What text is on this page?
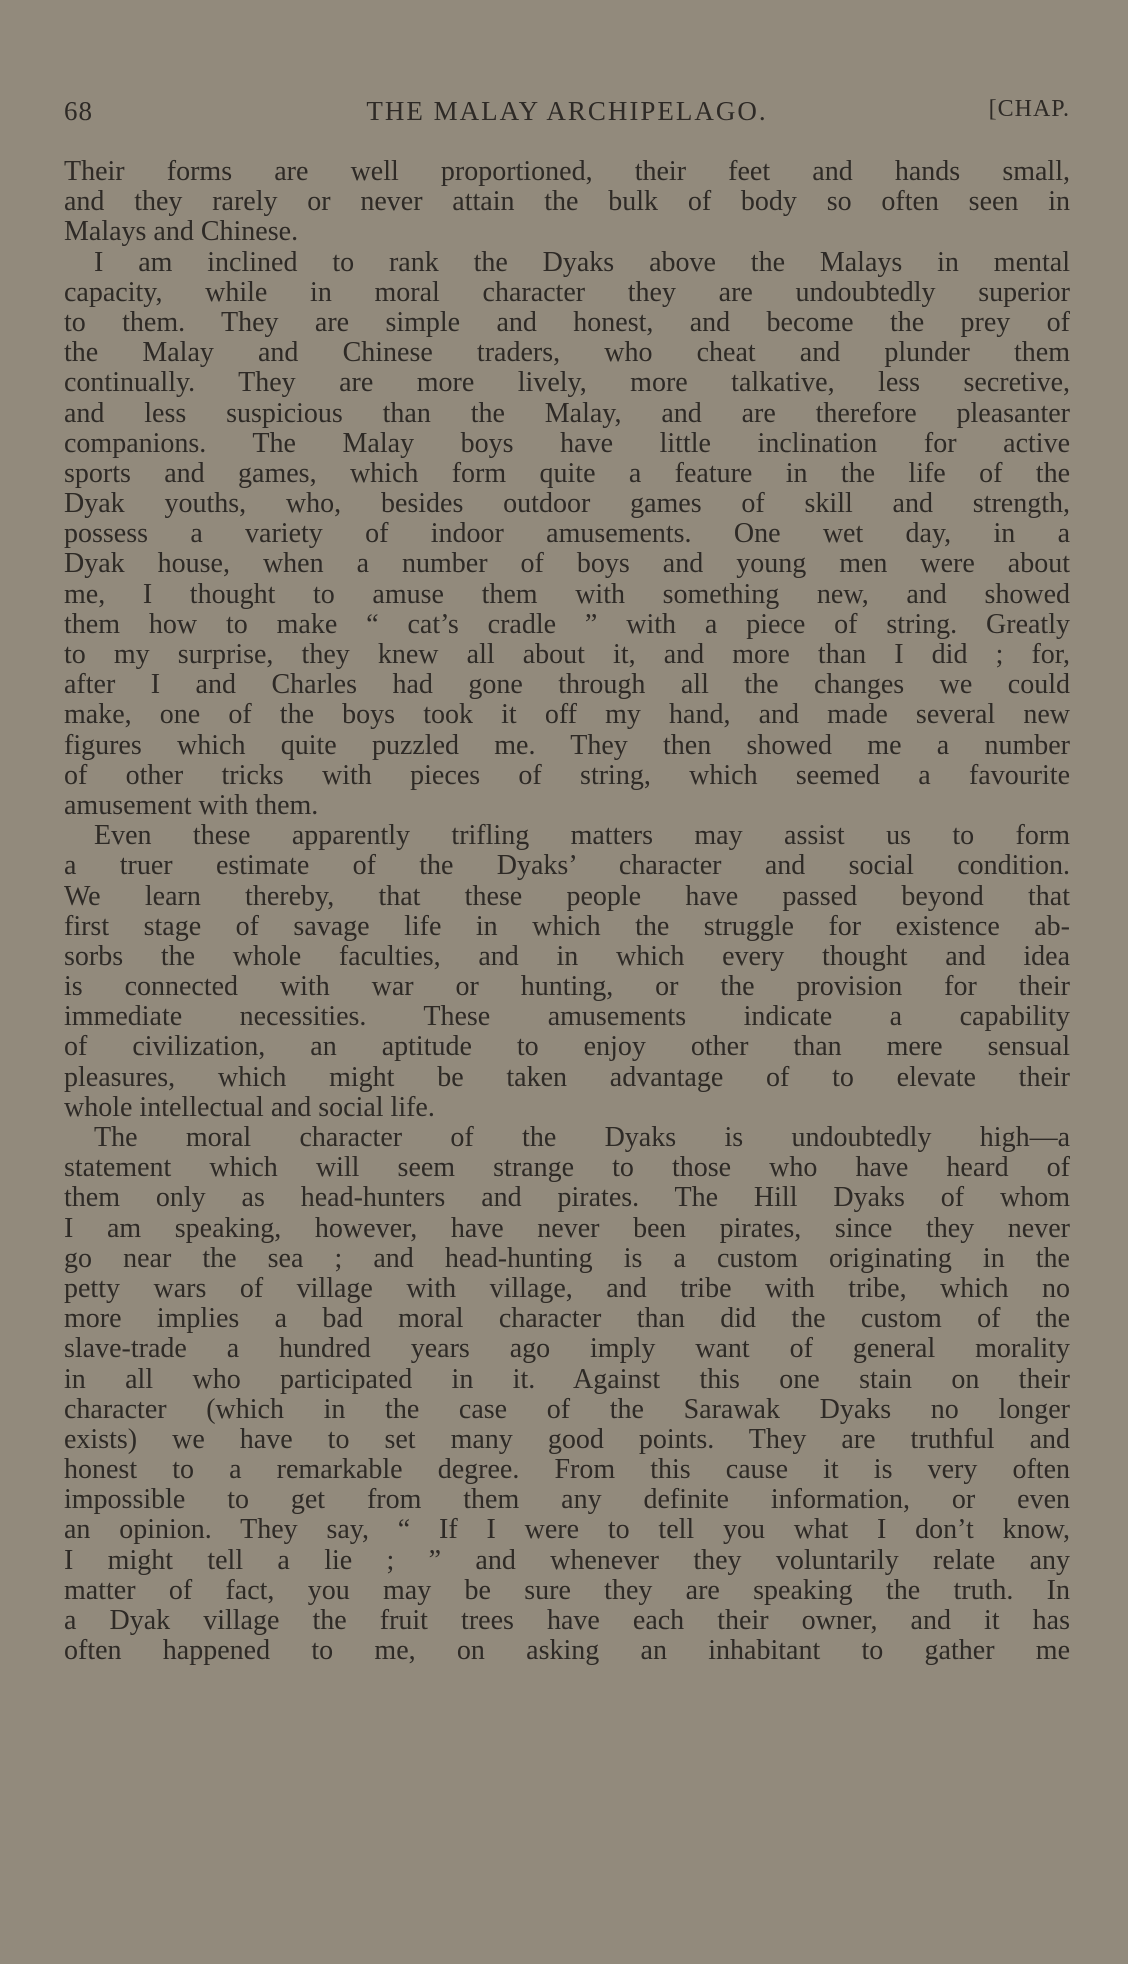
68	THE MALAY ARCHIPELAGO.	[CHAP.
Their forms are well proportioned, their feet and hands small,
and they rarely or never attain the bulk of body so often seen in
Malays and Chinese.
I am inclined to rank the Dyaks above the Malays in mental
capacity, while in moral character they are undoubtedly superior
to them. They are simple and honest, and become the prey of
the Malay and Chinese traders, who cheat and plunder them
continually. They are more lively, more talkative, less secretive,
and less suspicious than the Malay, and are therefore pleasanter
companions. The Malay boys have little inclination for active
sports and games, which form quite a feature in the life of the
Dyak youths, who, besides outdoor games of skill and strength,
possess a variety of indoor amusements. One wet day, in a
Dyak house, when a number of boys and young men were about
me, I thought to amuse them with something new, and showed
them how to make “ cat’s cradle ” with a piece of string. Greatly
to my surprise, they knew all about it, and more than I did ; for,
after I and Charles had gone through all the changes we could
make, one of the boys took it off my hand, and made several new
figures which quite puzzled me. They then showed me a number
of other tricks with pieces of string, which seemed a favourite
amusement with them.
Even these apparently trifling matters may assist us to form
a truer estimate of the Dyaks’ character and social condition.
We learn thereby, that these people have passed beyond that
first stage of savage life in which the struggle for existence ab-
sorbs the whole faculties, and in which every thought and idea
is connected with war or hunting, or the provision for their
immediate necessities. These amusements indicate a capability
of civilization, an aptitude to enjoy other than mere sensual
pleasures, which might be taken advantage of to elevate their
whole intellectual and social life.
The moral character of the Dyaks is undoubtedly high—a
statement which will seem strange to those who have heard of
them only as head-hunters and pirates. The Hill Dyaks of whom
I am speaking, however, have never been pirates, since they never
go near the sea ; and head-hunting is a custom originating in the
petty wars of village with village, and tribe with tribe, which no
more implies a bad moral character than did the custom of the
slave-trade a hundred years ago imply want of general morality
in all who participated in it. Against this one stain on their
character (which in the case of the Sarawak Dyaks no longer
exists) we have to set many good points. They are truthful and
honest to a remarkable degree. From this cause it is very often
impossible to get from them any definite information, or even
an opinion. They say, “ If I were to tell you what I don’t know,
I might tell a lie ; ” and whenever they voluntarily relate any
matter of fact, you may be sure they are speaking the truth. In
a Dyak village the fruit trees have each their owner, and it has
often happened to me, on asking an inhabitant to gather me
